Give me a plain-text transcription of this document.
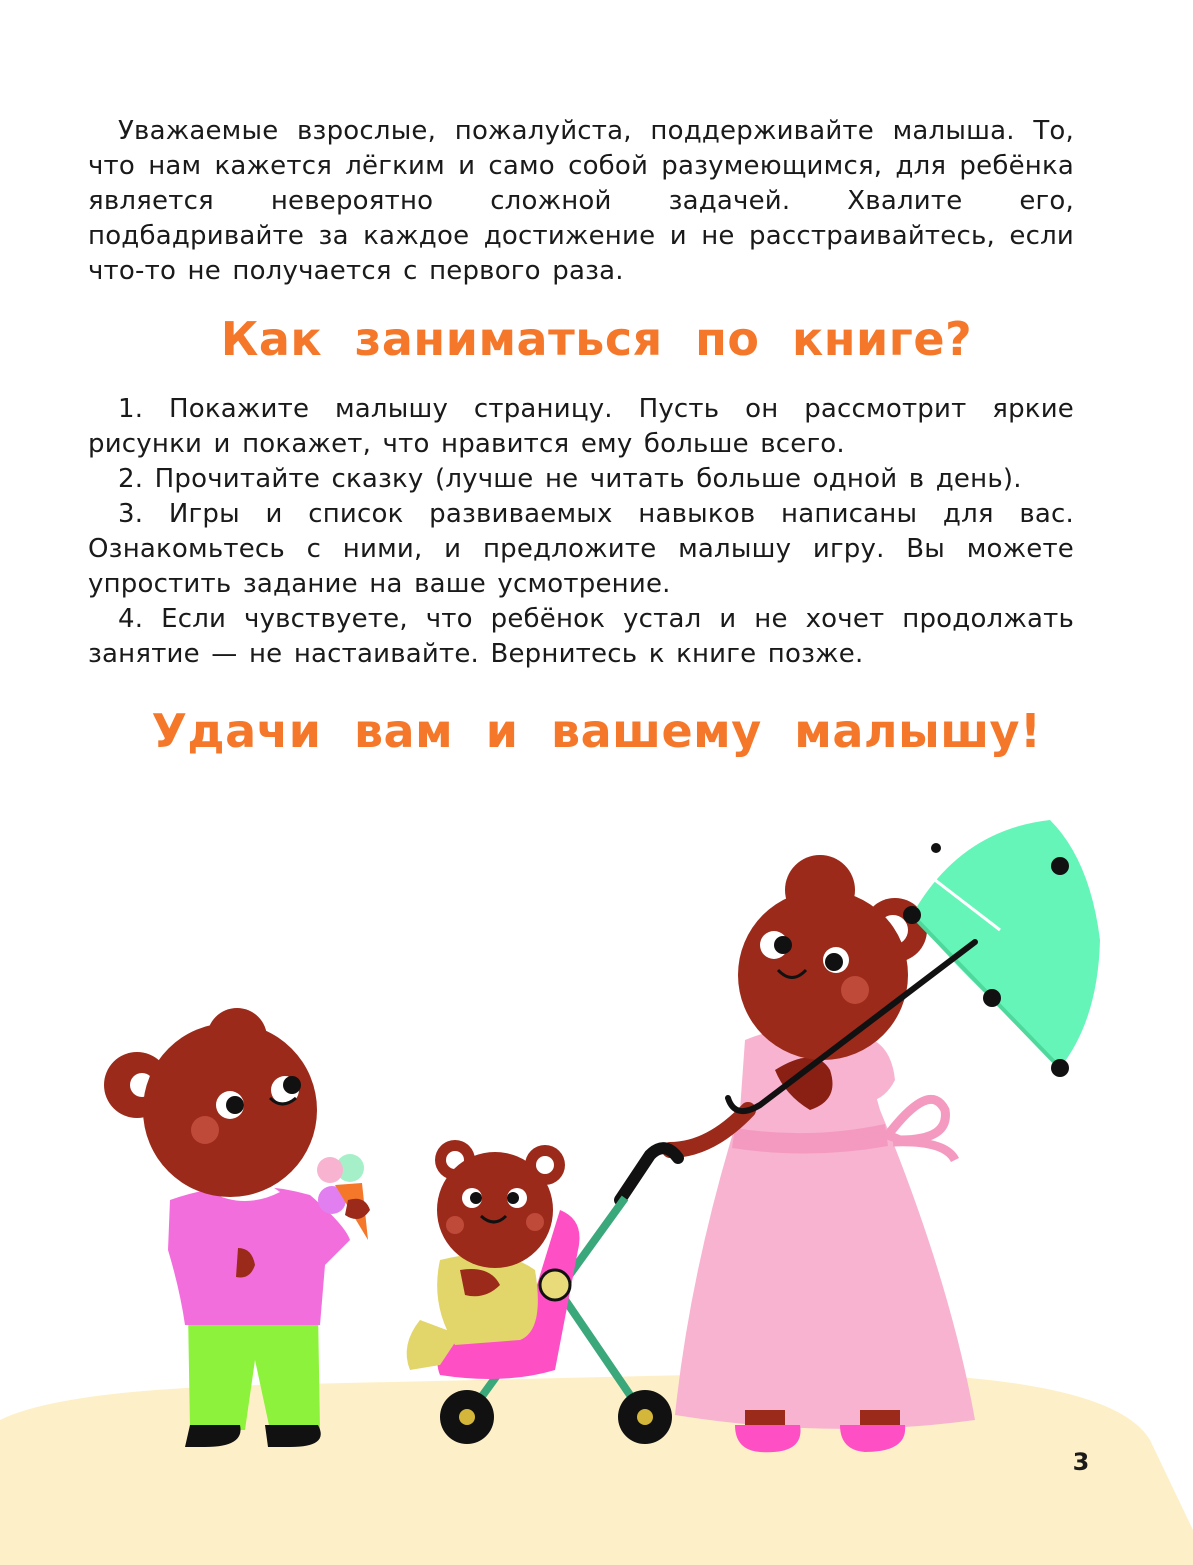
Уважаемые взрослые, пожалуйста, поддерживайте малыша. То, что нам кажется лёгким и само собой разумеющимся, для ребёнка является невероятно сложной задачей. Хвалите его, подбадривайте за каждое достижение и не расстраивайтесь, если что-то не получается с первого раза.

Как заниматься по книге?

1. Покажите малышу страницу. Пусть он рассмотрит яркие рисунки и покажет, что нравится ему больше всего.

2. Прочитайте сказку (лучше не читать больше одной в день).

3. Игры и список развиваемых навыков написаны для вас. Ознакомьтесь с ними, и предложите малышу игру. Вы можете упростить задание на ваше усмотрение.

4. Если чувствуете, что ребёнок устал и не хочет продолжать занятие — не настаивайте. Вернитесь к книге позже.

Удачи вам и вашему малышу!
3
